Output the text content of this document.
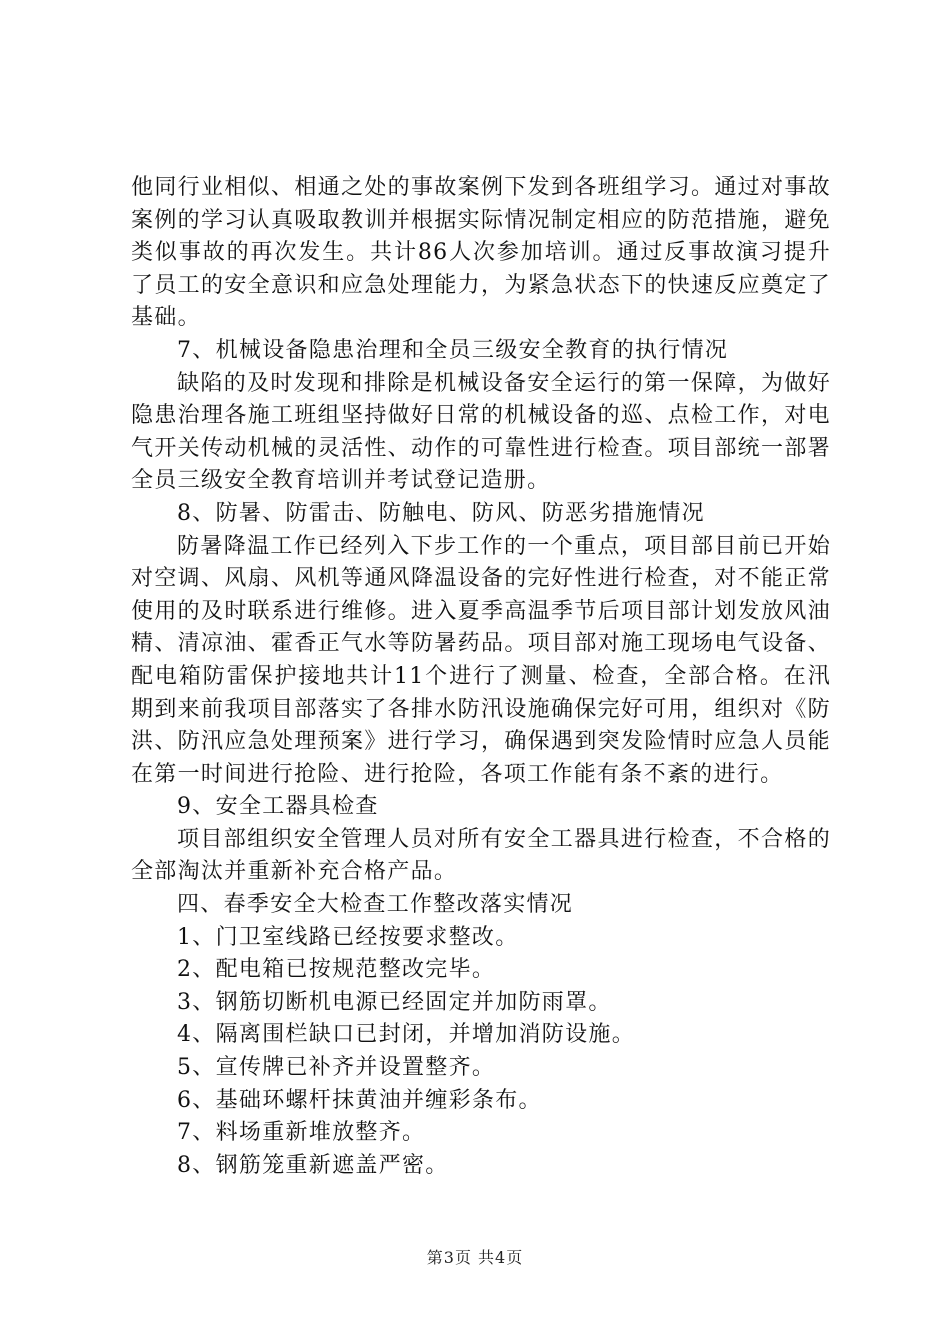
他同行业相似、相通之处的事故案例下发到各班组学习。通过对事故案例的学习认真吸取教训并根据实际情况制定相应的防范措施，避免类似事故的再次发生。共计86人次参加培训。通过反事故演习提升了员工的安全意识和应急处理能力，为紧急状态下的快速反应奠定了基础。

7、机械设备隐患治理和全员三级安全教育的执行情况

缺陷的及时发现和排除是机械设备安全运行的第一保障，为做好隐患治理各施工班组坚持做好日常的机械设备的巡、点检工作，对电气开关传动机械的灵活性、动作的可靠性进行检查。项目部统一部署全员三级安全教育培训并考试登记造册。

8、防暑、防雷击、防触电、防风、防恶劣措施情况

防暑降温工作已经列入下步工作的一个重点，项目部目前已开始对空调、风扇、风机等通风降温设备的完好性进行检查，对不能正常使用的及时联系进行维修。进入夏季高温季节后项目部计划发放风油精、清凉油、霍香正气水等防暑药品。项目部对施工现场电气设备、配电箱防雷保护接地共计11个进行了测量、检查，全部合格。在汛期到来前我项目部落实了各排水防汛设施确保完好可用，组织对《防洪、防汛应急处理预案》进行学习，确保遇到突发险情时应急人员能在第一时间进行抢险、进行抢险，各项工作能有条不紊的进行。

9、安全工器具检查

项目部组织安全管理人员对所有安全工器具进行检查，不合格的全部淘汰并重新补充合格产品。

四、春季安全大检查工作整改落实情况

1、门卫室线路已经按要求整改。

2、配电箱已按规范整改完毕。

3、钢筋切断机电源已经固定并加防雨罩。

4、隔离围栏缺口已封闭，并增加消防设施。

5、宣传牌已补齐并设置整齐。

6、基础环螺杆抹黄油并缠彩条布。

7、料场重新堆放整齐。

8、钢筋笼重新遮盖严密。

第3页 共4页
